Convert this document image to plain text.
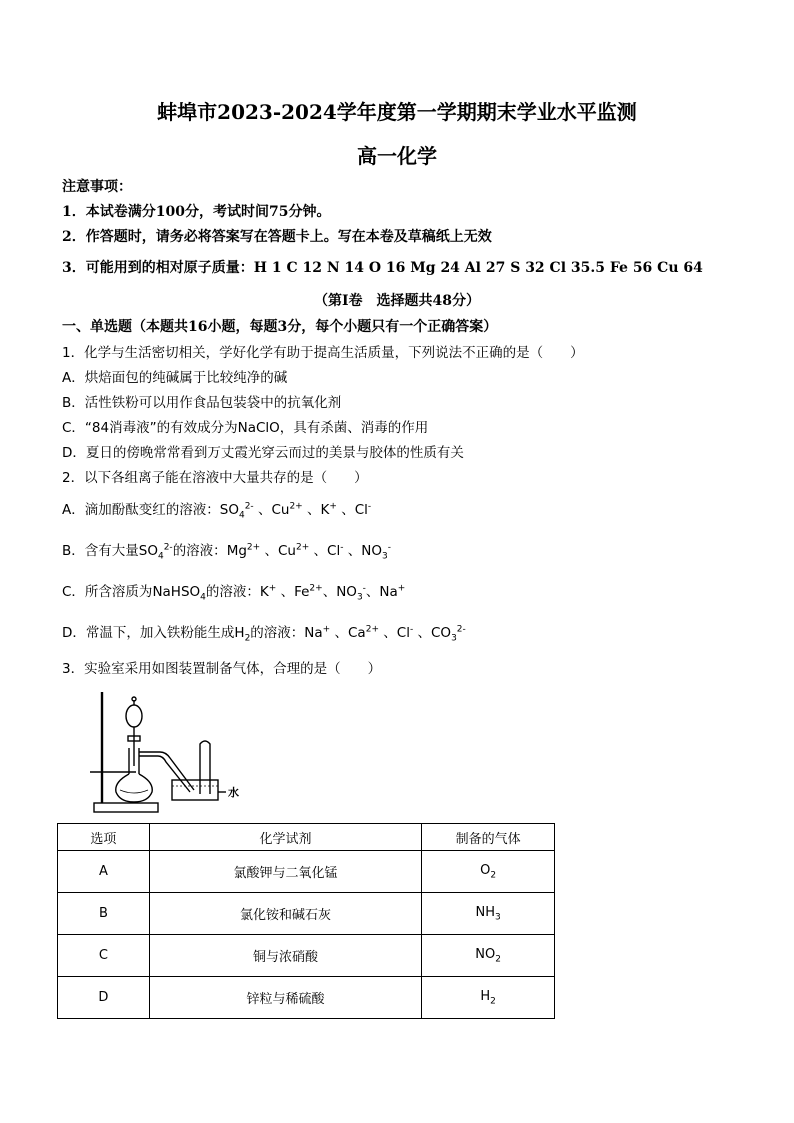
蚌埠市2023-2024学年度第一学期期末学业水平监测
高一化学
注意事项：
1．本试卷满分100分，考试时间75分钟。
2．作答题时，请务必将答案写在答题卡上。写在本卷及草稿纸上无效
3．可能用到的相对原子质量：H 1 C 12 N 14 O 16 Mg 24 Al 27 S 32 Cl 35.5 Fe 56 Cu 64
（第Ⅰ卷　选择题共48分）
一、单选题（本题共16小题，每题3分，每个小题只有一个正确答案）
1．化学与生活密切相关，学好化学有助于提高生活质量，下列说法不正确的是（　　）
A．烘焙面包的纯碱属于比较纯净的碱
B．活性铁粉可以用作食品包装袋中的抗氧化剂
C．“84消毒液”的有效成分为NaClO，具有杀菌、消毒的作用
D．夏日的傍晚常常看到万丈霞光穿云而过的美景与胶体的性质有关
2．以下各组离子能在溶液中大量共存的是（　　）
A．滴加酚酞变红的溶液：$SO_4^{2-}$ 、$Cu^{2+}$ 、K+ 、Cl-
B．含有大量$SO_4^{2-}$的溶液：$Mg^{2+}$ 、$Cu^{2+}$ 、Cl- 、$NO_3^-$
C．所含溶质为NaHSO$_4$的溶液：K+ 、$Fe^{2+}$、$NO_3^-$、Na+
D．常温下，加入铁粉能生成$H_2$的溶液：Na+ 、$Ca^{2+}$ 、Cl- 、$CO_3^{2-}$
3．实验室采用如图装置制备气体，合理的是（　　）
水
选项	化学试剂	制备的气体
A	氯酸钾与二氧化锰	$O_2$
B	氯化铵和碱石灰	$NH_3$
C	铜与浓硝酸	$NO_2$
D	锌粒与稀硫酸	$H_2$
